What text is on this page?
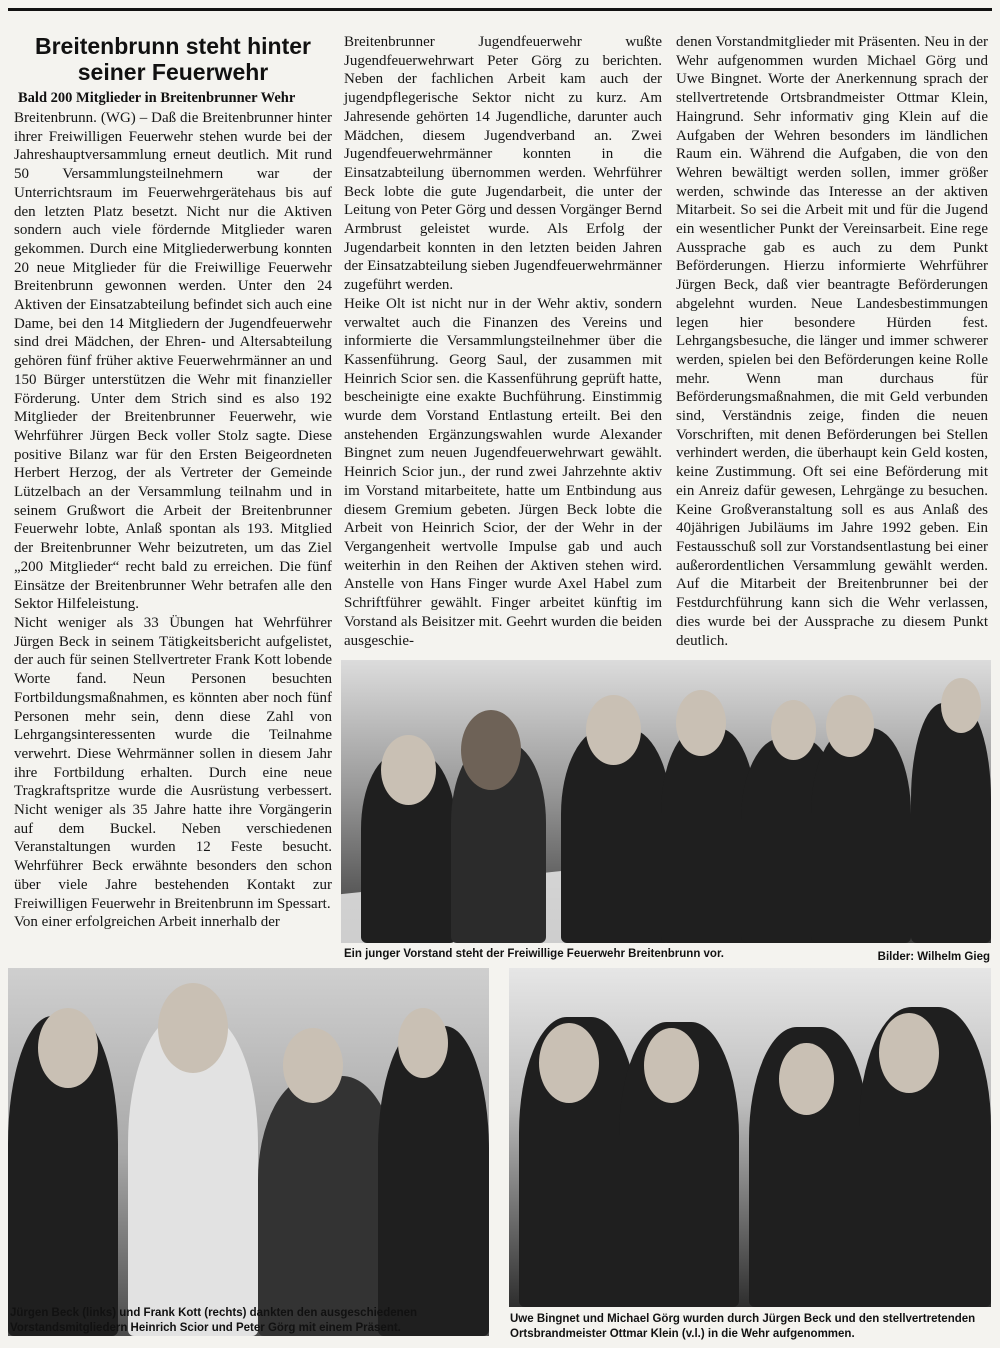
Breitenbrunn steht hinter
seiner Feuerwehr
Bald 200 Mitglieder in Breitenbrunner Wehr

Breitenbrunn. (WG) – Daß die Breitenbrunner hinter ihrer Freiwilligen Feuerwehr stehen wurde bei der Jahreshauptversammlung erneut deutlich. Mit rund 50 Versammlungsteilnehmern war der Unterrichtsraum im Feuerwehrgerätehaus bis auf den letzten Platz besetzt. Nicht nur die Aktiven sondern auch viele fördernde Mitglieder waren gekommen. Durch eine Mitgliederwerbung konnten 20 neue Mitglieder für die Freiwillige Feuerwehr Breitenbrunn gewonnen werden. Unter den 24 Aktiven der Einsatzabteilung befindet sich auch eine Dame, bei den 14 Mitgliedern der Jugendfeuerwehr sind drei Mädchen, der Ehren- und Altersabteilung gehören fünf früher aktive Feuerwehrmänner an und 150 Bürger unterstützen die Wehr mit finanzieller Förderung. Unter dem Strich sind es also 192 Mitglieder der Breitenbrunner Feuerwehr, wie Wehrführer Jürgen Beck voller Stolz sagte. Diese positive Bilanz war für den Ersten Beigeordneten Herbert Herzog, der als Vertreter der Gemeinde Lützelbach an der Versammlung teilnahm und in seinem Grußwort die Arbeit der Breitenbrunner Feuerwehr lobte, Anlaß spontan als 193. Mitglied der Breitenbrunner Wehr beizutreten, um das Ziel „200 Mitglieder“ recht bald zu erreichen. Die fünf Einsätze der Breitenbrunner Wehr betrafen alle den Sektor Hilfeleistung.

Nicht weniger als 33 Übungen hat Wehrführer Jürgen Beck in seinem Tätigkeitsbericht aufgelistet, der auch für seinen Stellvertreter Frank Kott lobende Worte fand. Neun Personen besuchten Fortbildungsmaßnahmen, es könnten aber noch fünf Personen mehr sein, denn diese Zahl von Lehrgangsinteressenten wurde die Teilnahme verwehrt. Diese Wehrmänner sollen in diesem Jahr ihre Fortbildung erhalten. Durch eine neue Tragkraftspritze wurde die Ausrüstung verbessert. Nicht weniger als 35 Jahre hatte ihre Vorgängerin auf dem Buckel. Neben verschiedenen Veranstaltungen wurden 12 Feste besucht. Wehrführer Beck erwähnte besonders den schon über viele Jahre bestehenden Kontakt zur Freiwilligen Feuerwehr in Breitenbrunn im Spessart.

Von einer erfolgreichen Arbeit innerhalb der

Breitenbrunner Jugendfeuerwehr wußte Jugendfeuerwehrwart Peter Görg zu berichten. Neben der fachlichen Arbeit kam auch der jugendpflegerische Sektor nicht zu kurz. Am Jahresende gehörten 14 Jugendliche, darunter auch Mädchen, diesem Jugendverband an. Zwei Jugendfeuerwehrmänner konnten in die Einsatzabteilung übernommen werden. Wehrführer Beck lobte die gute Jugendarbeit, die unter der Leitung von Peter Görg und dessen Vorgänger Bernd Armbrust geleistet wurde. Als Erfolg der Jugendarbeit konnten in den letzten beiden Jahren der Einsatzabteilung sieben Jugendfeuerwehrmänner zugeführt werden.

Heike Olt ist nicht nur in der Wehr aktiv, sondern verwaltet auch die Finanzen des Vereins und informierte die Versammlungsteilnehmer über die Kassenführung. Georg Saul, der zusammen mit Heinrich Scior sen. die Kassenführung geprüft hatte, bescheinigte eine exakte Buchführung. Einstimmig wurde dem Vorstand Entlastung erteilt. Bei den anstehenden Ergänzungswahlen wurde Alexander Bingnet zum neuen Jugendfeuerwehrwart gewählt. Heinrich Scior jun., der rund zwei Jahrzehnte aktiv im Vorstand mitarbeitete, hatte um Entbindung aus diesem Gremium gebeten. Jürgen Beck lobte die Arbeit von Heinrich Scior, der der Wehr in der Vergangenheit wertvolle Impulse gab und auch weiterhin in den Reihen der Aktiven stehen wird. Anstelle von Hans Finger wurde Axel Habel zum Schriftführer gewählt. Finger arbeitet künftig im Vorstand als Beisitzer mit. Geehrt wurden die beiden ausgeschie-

denen Vorstandmitglieder mit Präsenten. Neu in der Wehr aufgenommen wurden Michael Görg und Uwe Bingnet. Worte der Anerkennung sprach der stellvertretende Ortsbrandmeister Ottmar Klein, Haingrund. Sehr informativ ging Klein auf die Aufgaben der Wehren besonders im ländlichen Raum ein. Während die Aufgaben, die von den Wehren bewältigt werden sollen, immer größer werden, schwinde das Interesse an der aktiven Mitarbeit. So sei die Arbeit mit und für die Jugend ein wesentlicher Punkt der Vereinsarbeit. Eine rege Aussprache gab es auch zu dem Punkt Beförderungen. Hierzu informierte Wehrführer Jürgen Beck, daß vier beantragte Beförderungen abgelehnt wurden. Neue Landesbestimmungen legen hier besondere Hürden fest. Lehrgangsbesuche, die länger und immer schwerer werden, spielen bei den Beförderungen keine Rolle mehr. Wenn man durchaus für Beförderungsmaßnahmen, die mit Geld verbunden sind, Verständnis zeige, finden die neuen Vorschriften, mit denen Beförderungen bei Stellen verhindert werden, die überhaupt kein Geld kosten, keine Zustimmung. Oft sei eine Beförderung mit ein Anreiz dafür gewesen, Lehrgänge zu besuchen. Keine Großveranstaltung soll es aus Anlaß des 40jährigen Jubiläums im Jahre 1992 geben. Ein Festausschuß soll zur Vorstandsentlastung bei einer außerordentlichen Versammlung gewählt werden. Auf die Mitarbeit der Breitenbrunner bei der Festdurchführung kann sich die Wehr verlassen, dies wurde bei der Aussprache zu diesem Punkt deutlich.

Ein junger Vorstand steht der Freiwillige Feuerwehr Breitenbrunn vor.	Bilder: Wilhelm Gieg
Jürgen Beck (links) und Frank Kott (rechts) dankten den ausgeschiedenen Vorstandsmitgliedern Heinrich Scior und Peter Görg mit einem Präsent.
Uwe Bingnet und Michael Görg wurden durch Jürgen Beck und den stellvertretenden Ortsbrandmeister Ottmar Klein (v.l.) in die Wehr aufgenommen.
